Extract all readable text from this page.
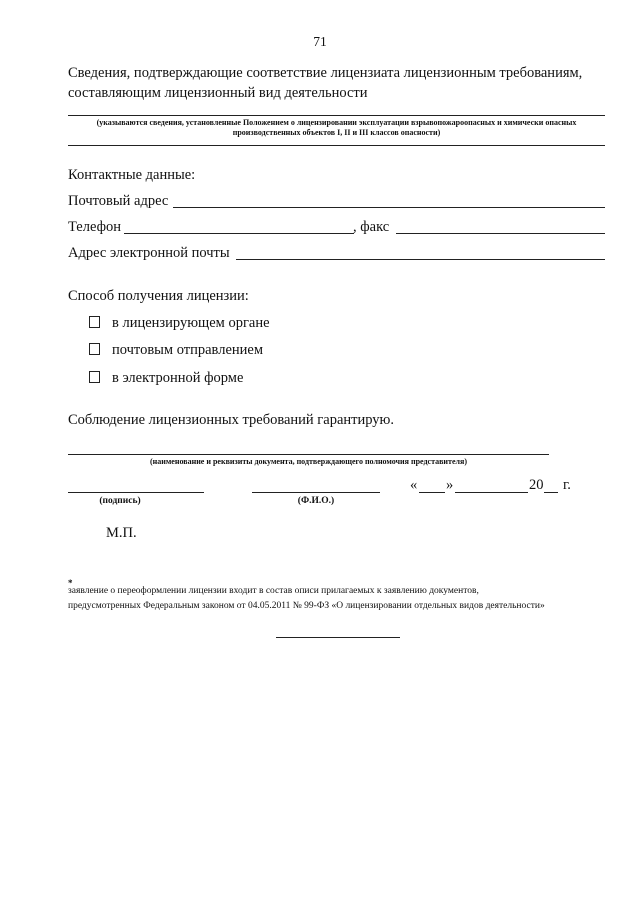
71
Сведения, подтверждающие соответствие лицензиата лицензионным требованиям,
составляющим лицензионный вид деятельности
(указываются сведения, установленные Положением о лицензировании эксплуатации взрывопожароопасных и химически опасных
производственных объектов I, II и III классов опасности)
Контактные данные:
Почтовый адрес
Телефон	, факс
Адрес электронной почты
Способ получения лицензии:
в лицензирующем органе
почтовым отправлением
в электронной форме
Соблюдение лицензионных требований гарантирую.
(наименование и реквизиты документа, подтверждающего полномочия представителя)
(подпись)	(Ф.И.О.)
« »	20 г.
М.П.
*
заявление о переоформлении лицензии входит в состав описи прилагаемых к заявлению документов,
предусмотренных Федеральным законом от 04.05.2011 № 99-ФЗ «О лицензировании отдельных видов деятельности»
